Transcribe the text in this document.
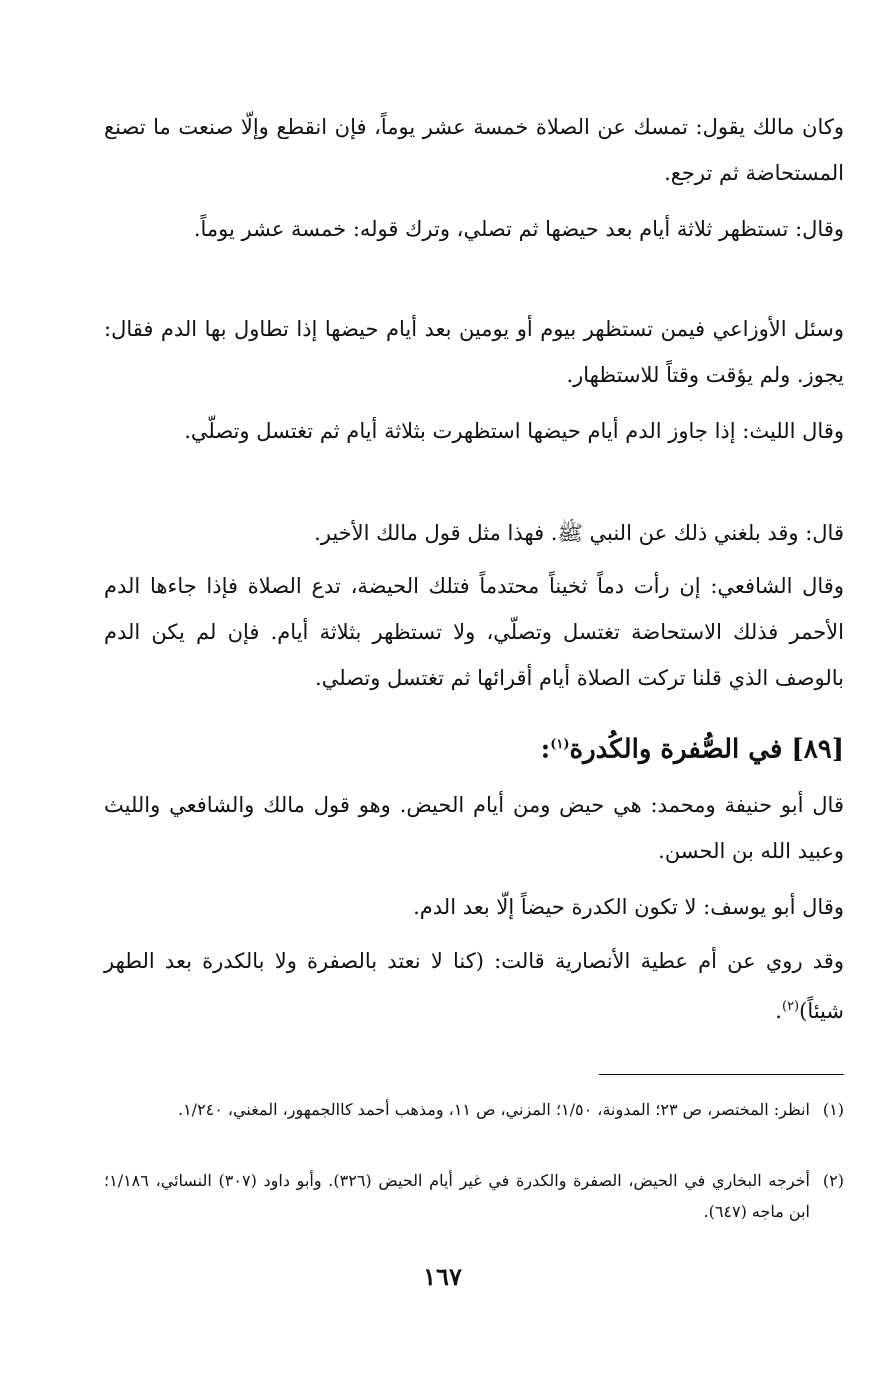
وكان مالك يقول: تمسك عن الصلاة خمسة عشر يوماً، فإن انقطع وإلّا صنعت ما تصنع المستحاضة ثم ترجع.

وقال: تستظهر ثلاثة أيام بعد حيضها ثم تصلي، وترك قوله: خمسة عشر يوماً.

وسئل الأوزاعي فيمن تستظهر بيوم أو يومين بعد أيام حيضها إذا تطاول بها الدم فقال: يجوز. ولم يؤقت وقتاً للاستظهار.

وقال الليث: إذا جاوز الدم أيام حيضها استظهرت بثلاثة أيام ثم تغتسل وتصلّي.

قال: وقد بلغني ذلك عن النبي ﷺ. فهذا مثل قول مالك الأخير.

وقال الشافعي: إن رأت دماً ثخيناً محتدماً فتلك الحيضة، تدع الصلاة فإذا جاءها الدم الأحمر فذلك الاستحاضة تغتسل وتصلّي، ولا تستظهر بثلاثة أيام. فإن لم يكن الدم بالوصف الذي قلنا تركت الصلاة أيام أقرائها ثم تغتسل وتصلي.

[٨٩] في الصُّفرة والكُدرة$^{(١)}$:

قال أبو حنيفة ومحمد: هي حيض ومن أيام الحيض. وهو قول مالك والشافعي والليث وعبيد الله بن الحسن.

وقال أبو يوسف: لا تكون الكدرة حيضاً إلّا بعد الدم.

وقد روي عن أم عطية الأنصارية قالت: (كنا لا نعتد بالصفرة ولا بالكدرة بعد الطهر شيئاً)$^{(٢)}$.

(١)
انظر: المختصر، ص ٢٣؛ المدونة، ١/٥٠؛ المزني، ص ١١، ومذهب أحمد كاالجمهور، المغني، ١/٢٤٠.
(٢)
أخرجه البخاري في الحيض، الصفرة والكدرة في غير أيام الحيض (٣٢٦). وأبو داود (٣٠٧) النسائي، ١/١٨٦؛ ابن ماجه (٦٤٧).
١٦٧
